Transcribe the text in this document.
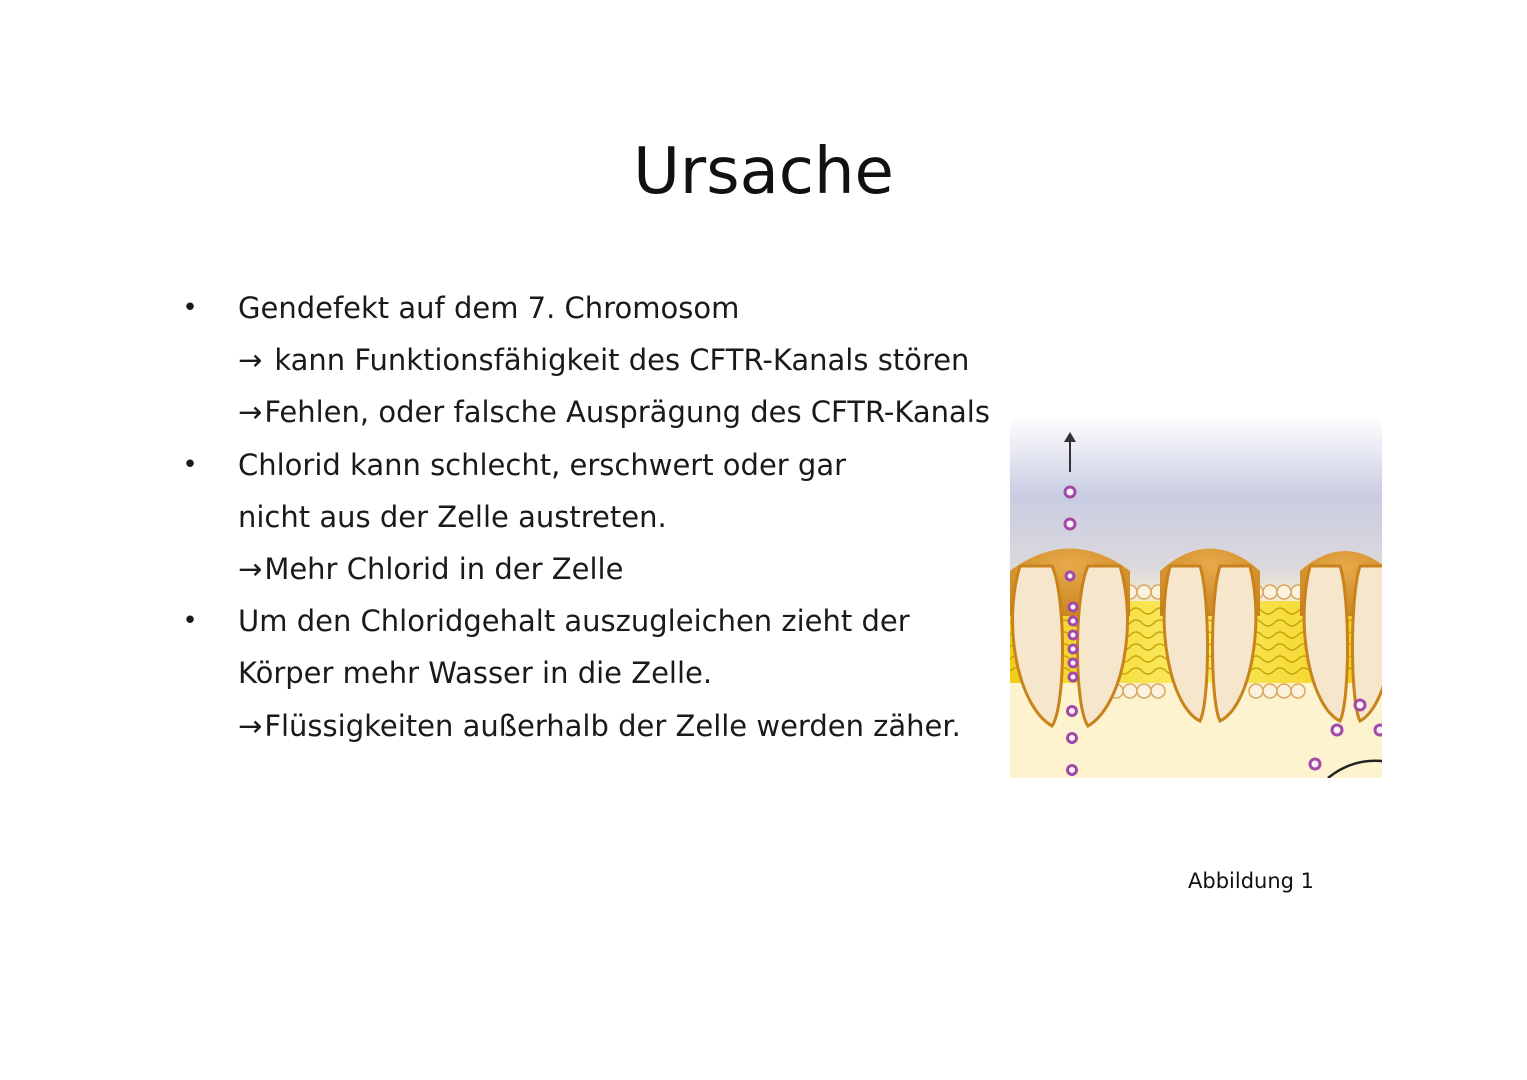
Ursache
• Gendefekt auf dem 7. Chromosom
→ kann Funktionsfähigkeit des CFTR-Kanals stören
→Fehlen, oder falsche Ausprägung des CFTR-Kanals
• Chlorid kann schlecht, erschwert oder gar
nicht aus der Zelle austreten.
→Mehr Chlorid in der Zelle
• Um den Chloridgehalt auszugleichen zieht der
Körper mehr Wasser in die Zelle.
→Flüssigkeiten außerhalb der Zelle werden zäher.
Abbildung 1
